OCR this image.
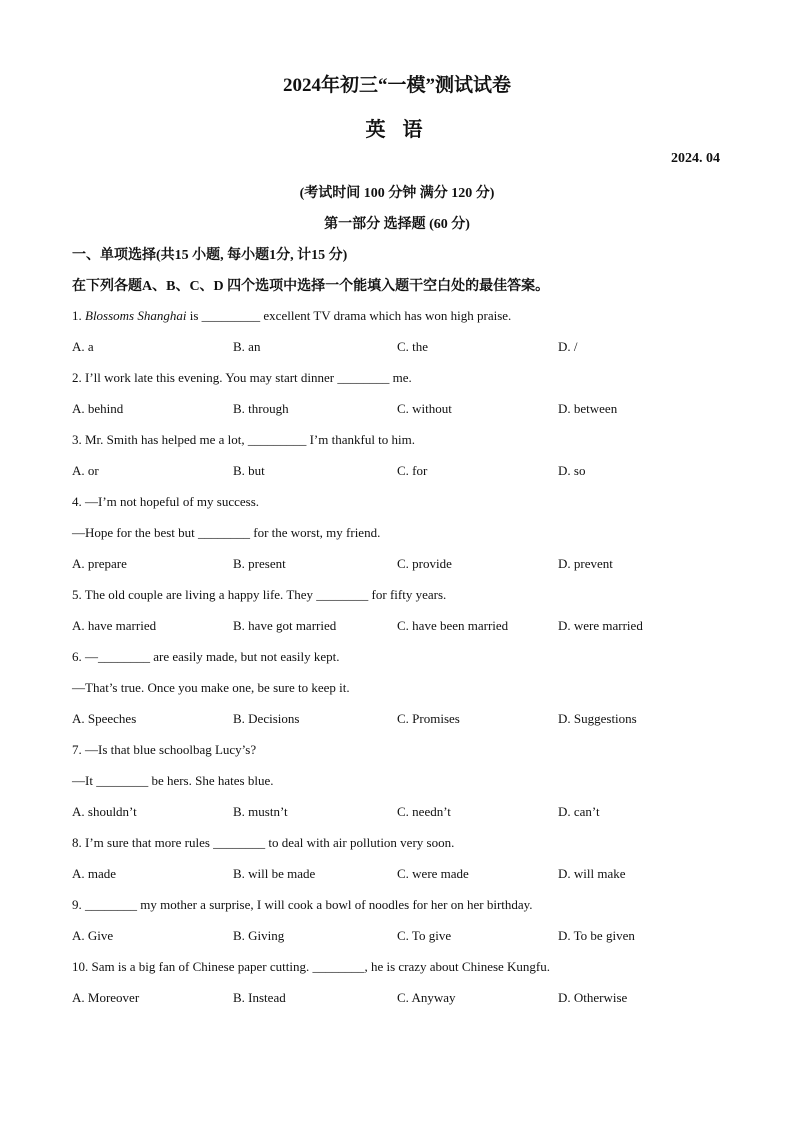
2024年初三“一模”测试试卷
英 语
2024. 04
(考试时间 100 分钟 满分 120 分)
第一部分 选择题 (60 分)
一、单项选择(共15 小题, 每小题1分, 计15 分)
在下列各题A、B、C、D 四个选项中选择一个能填入题干空白处的最佳答案。
1. Blossoms Shanghai is _________ excellent TV drama which has won high praise.
A. a	B. an	C. the	D. /
2. I’ll work late this evening. You may start dinner ________ me.
A. behind	B. through	C. without	D. between
3. Mr. Smith has helped me a lot, _________ I’m thankful to him.
A. or	B. but	C. for	D. so
4. —I’m not hopeful of my success.
—Hope for the best but ________ for the worst, my friend.
A. prepare	B. present	C. provide	D. prevent
5. The old couple are living a happy life. They ________ for fifty years.
A. have married	B. have got married	C. have been married	D. were married
6. —________ are easily made, but not easily kept.
—That’s true. Once you make one, be sure to keep it.
A. Speeches	B. Decisions	C. Promises	D. Suggestions
7. —Is that blue schoolbag Lucy’s?
—It ________ be hers. She hates blue.
A. shouldn’t	B. mustn’t	C. needn’t	D. can’t
8. I’m sure that more rules ________ to deal with air pollution very soon.
A. made	B. will be made	C. were made	D. will make
9. ________ my mother a surprise, I will cook a bowl of noodles for her on her birthday.
A. Give	B. Giving	C. To give	D. To be given
10. Sam is a big fan of Chinese paper cutting. ________, he is crazy about Chinese Kungfu.
A. Moreover	B. Instead	C. Anyway	D. Otherwise
